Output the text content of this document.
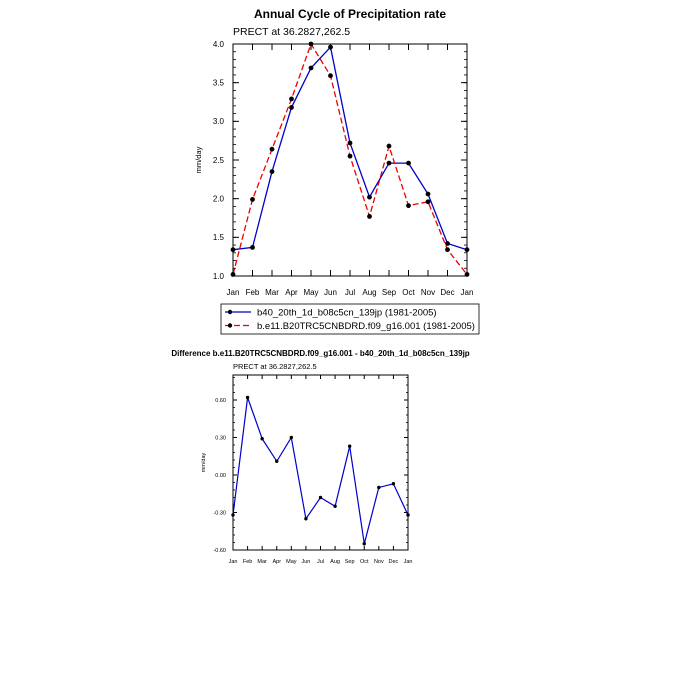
Annual Cycle of Precipitation rate
PRECT at 36.2827,262.5
Jan Feb Mar Apr May Jun Jul Aug Sep Oct Nov Dec Jan
1.0
1.5
2.0
2.5
3.0
3.5
4.0
mm/day
b40_20th_1d_b08c5cn_139jp (1981-2005)
b.e11.B20TRC5CNBDRD.f09_g16.001 (1981-2005)
Difference b.e11.B20TRC5CNBDRD.f09_g16.001 - b40_20th_1d_b08c5cn_139jp
PRECT at 36.2827,262.5
Jan Feb Mar Apr May Jun Jul Aug Sep Oct Nov Dec Jan
-0.60
-0.30
0.00
0.30
0.60
mm/day
